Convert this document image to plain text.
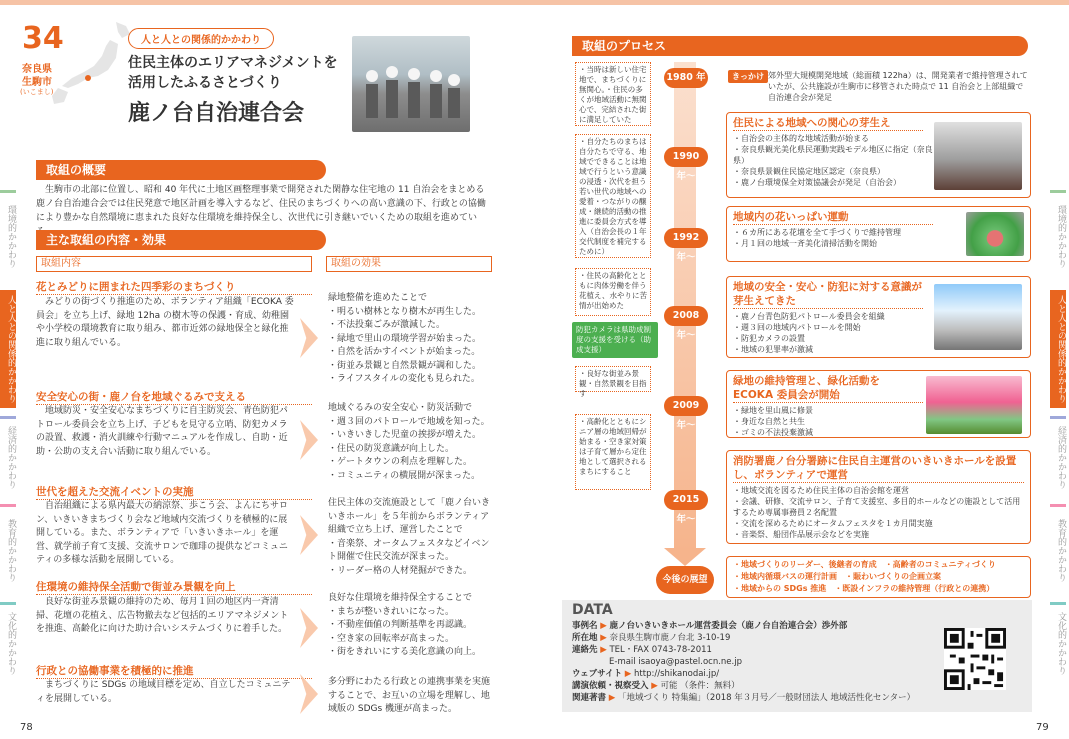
34
奈良県
生駒市
(いこまし)
人と人との関係的かかわり
住民主体のエリアマネジメントを
活用したふるさとづくり
鹿ノ台自治連合会
取組の概要
生駒市の北部に位置し、昭和 40 年代に土地区画整理事業で開発された閑静な住宅地の 11 自治会をまとめる鹿ノ台自治連合会では住民発意で地区計画を導入するなど、住民のまちづくりへの高い意識の下、行政との協働により豊かな自然環境に恵まれた良好な住環境を維持保全し、次世代に引き継いでいくための取組を進めてい
主な取組の内容・効果
取組内容	取組の効果
花とみどりに囲まれた四季彩のまちづくり
みどりの街づくり推進のため、ボランティア組織「ECOKA 委員会」を立ち上げ、緑地 12ha の樹木等の保護・育成、幼稚園や小学校の環境教育に取り組み、都市近郊の緑地保全と緑化推進に取り組んでいる。
緑地整備を進めたことで
・明るい樹林となり樹木が再生した。
・不法投棄ごみが激減した。
・緑地で里山の環境学習が始まった。
・自然を活かすイベントが始まった。
・街並み景観と自然景観が調和した。
・ライフスタイルの変化も見られた。
安全安心の街・鹿ノ台を地域ぐるみで支える
地域防災・安全安心なまちづくりに自主防災会、青色防犯パトロール委員会を立ち上げ、子どもを見守る立哨、防犯カメラの設置、救護・消火訓練や行動マニュアルを作成し、自助・近助・公助の支え合い活動に取り組んでいる。
地域ぐるみの安全安心・防災活動で
・週３回のパトロールで地域を知った。
・いきいきした児童の挨拶が増えた。
・住民の防災意識が向上した。
・ゲートタウンの利点を理解した。
・コミュニティの横展開が深まった。
世代を超えた交流イベントの実施
自治組織による県内最大の納涼祭、歩こう会、よんにちサロン、いきいきまちづくり会など地域内交流づくりを積極的に展開している。また、ボランティアで「いきいきホール」を運営、就学前子育て支援、交流サロンで珈琲の提供などコミュニティの多様な活動を展開している。
住民主体の交流施設として「鹿ノ台いきいきホール」を５年前からボランティア組織で立ち上げ、運営したことで
・音楽祭、オータムフェスタなどイベント開催で住民交流が深まった。
・リーダー格の人材発掘ができた。
住環境の維持保全活動で街並み景観を向上
良好な街並み景観の維持のため、毎月１回の地区内一斉清掃、花壇の花植え、広告物撤去など包括的エリアマネジメントを推進、高齢化に向けた助け合いシステムづくりに着手した。
良好な住環境を維持保全することで
・まちが整いきれいになった。
・不動産価値の判断基準を再認識。
・空き家の回転率が高まった。
・街をきれいにする美化意識の向上。
行政との協働事業を積極的に推進
まちづくりに SDGs の地域目標を定め、自立したコミュニティを展開している。
多分野にわたる行政との連携事業を実施することで、お互いの立場を理解し、地域版の SDGs 機運が高まった。
環境的かかわり
人と人との関係的かかわり
経済的かかわり
教育的かかわり
文化的かかわり
78
取組のプロセス
1980 年
1990 年〜
1992 年〜
2008 年〜
2009 年〜
2015 年〜
今後の展望
・当時は新しい住宅地で、まちづくりに無関心。・住民の多くが地域活動に無関心で、完結された街に満足していた
・自分たちのまちは自分たちで守る、地域でできることは地域で行うという意識の浸透・次代を担う若い世代の地域への愛着・つながりの醸成・継続的活動の推進に委員会方式を導入（自治会長の１年交代制度を補完するために）
・住民の高齢化とともに肉体労働を伴う花植え、水やりに苦情が出始めた
防犯カメラは県助成制度の支援を受ける（助成支援）
・良好な街並み景観・自然景観を目指す
・高齢化とともにシニア層の地域回帰が始まる・空き家対策は子育て層から定住地として選択されるまちにすること
きっかけ 郊外型大規模開発地域（総面積 122ha）は、開発業者で維持管理されていたが、公共施設が生駒市に移管された時点で 11 自治会と上部組織で自治連合会が発足
住民による地域への関心の芽生え
・自治会の主体的な地域活動が始まる
・奈良県観光美化県民運動実践モデル地区に指定（奈良県）
・奈良県景観住民協定地区認定（奈良県）
・鹿ノ台環境保全対策協議会が発足（自治会）
地域内の花いっぱい運動
・６カ所にある花壇を全て手づくりで維持管理
・月１回の地域一斉美化清掃活動を開始
地域の安全・安心・防犯に対する意識が芽生えてきた
・鹿ノ台青色防犯パトロール委員会を組織
・週３回の地域内パトロールを開始
・防犯カメラの設置
・地域の犯罪率が激減
緑地の維持管理と、緑化活動を ECOKA 委員会が開始
・緑地を里山風に修景
・身近な自然と共生
・ゴミの不法投棄激減
消防署鹿ノ台分署跡に住民自主運営のいきいきホールを設置し、ボランティアで運営
・地域交流を図るため住民主体の自治会館を運営
・会議、研修、交流サロン、子育て支援室、多目的ホールなどの施設として活用するため専属事務員２名配置
・交流を深めるためにオータムフェスタを１カ月間実施
・音楽祭、船団作品展示会などを実施
・地域づくりのリーダー、後継者の育成　 ・高齢者のコミュニティづくり
・地域内循環バスの運行計画　 ・賑わいづくりの企画立案
・地域からの SDGs 推進　 ・既設インフラの維持管理（行政との連携）
DATA
事例名 ▶ 鹿ノ台いきいきホール運営委員会（鹿ノ台自治連合会）渉外部
所在地 ▶ 奈良県生駒市鹿ノ台北 3-10-19
連絡先 ▶ TEL・FAX 0743-78-2011
E-mail isaoya@pastel.ocn.ne.jp
ウェブサイト ▶ http://shikanodai.jp/
講演依頼・視察受入 ▶ 可能 （条件：無料）
関連著書 ▶ 「地域づくり 特集編」（2018 年３月号／一般財団法人 地域活性化センター）
環境的かかわり
人と人との関係的かかわり
経済的かかわり
教育的かかわり
文化的かかわり
79
